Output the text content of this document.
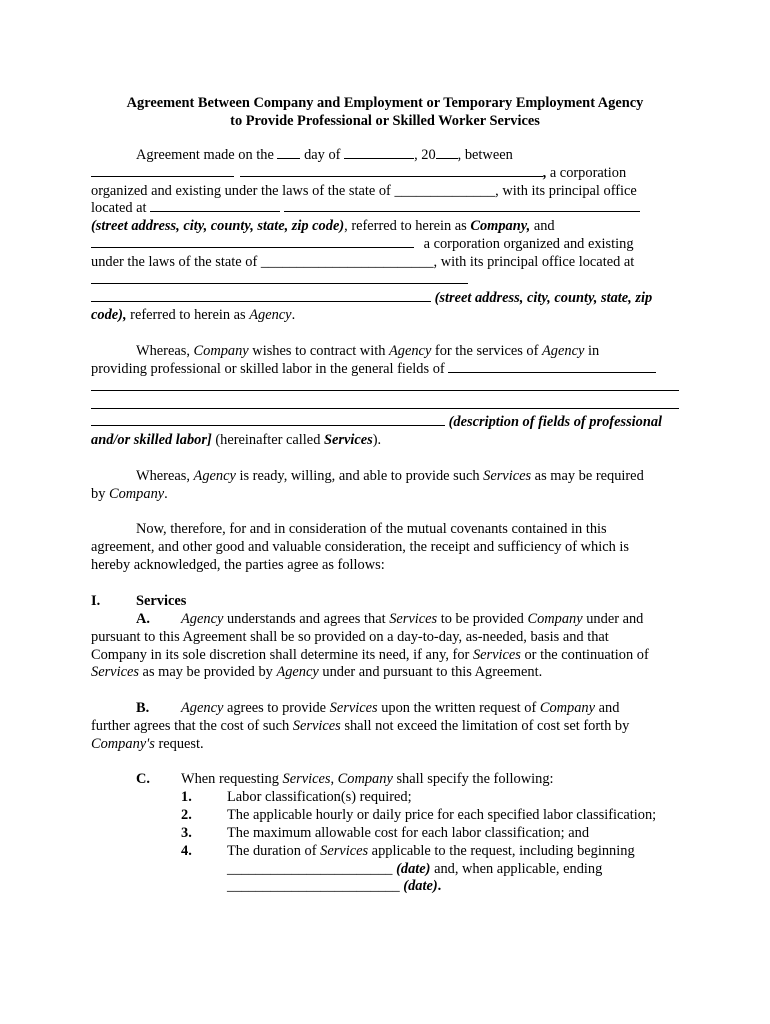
Agreement Between Company and Employment or Temporary Employment Agency
to Provide Professional or Skilled Worker Services
Agreement made on the day of	, 20 , between
, a corporation
organized and existing under the laws of the state of ______________, with its principal office
located at
(street address, city, county, state, zip code), referred to herein as Company, and
a corporation organized and existing
under the laws of the state of ________________________, with its principal office located at
(street address, city, county, state, zip
code), referred to herein as Agency.
Whereas, Company wishes to contract with Agency for the services of Agency in
providing professional or skilled labor in the general fields of
(description of fields of professional
and/or skilled labor] (hereinafter called Services).
Whereas, Agency is ready, willing, and able to provide such Services as may be required
by Company.
Now, therefore, for and in consideration of the mutual covenants contained in this
agreement, and other good and valuable consideration, the receipt and sufficiency of which is
hereby acknowledged, the parties agree as follows:
I. Services
A. Agency understands and agrees that Services to be provided Company under and
pursuant to this Agreement shall be so provided on a day-to-day, as-needed, basis and that
Company in its sole discretion shall determine its need, if any, for Services or the continuation of
Services as may be provided by Agency under and pursuant to this Agreement.
B. Agency agrees to provide Services upon the written request of Company and
further agrees that the cost of such Services shall not exceed the limitation of cost set forth by
Company's request.
C. When requesting Services, Company shall specify the following:
1. Labor classification(s) required;
2. The applicable hourly or daily price for each specified labor classification;
3. The maximum allowable cost for each labor classification; and
4. The duration of Services applicable to the request, including beginning
_______________________ (date) and, when applicable, ending
________________________ (date).
